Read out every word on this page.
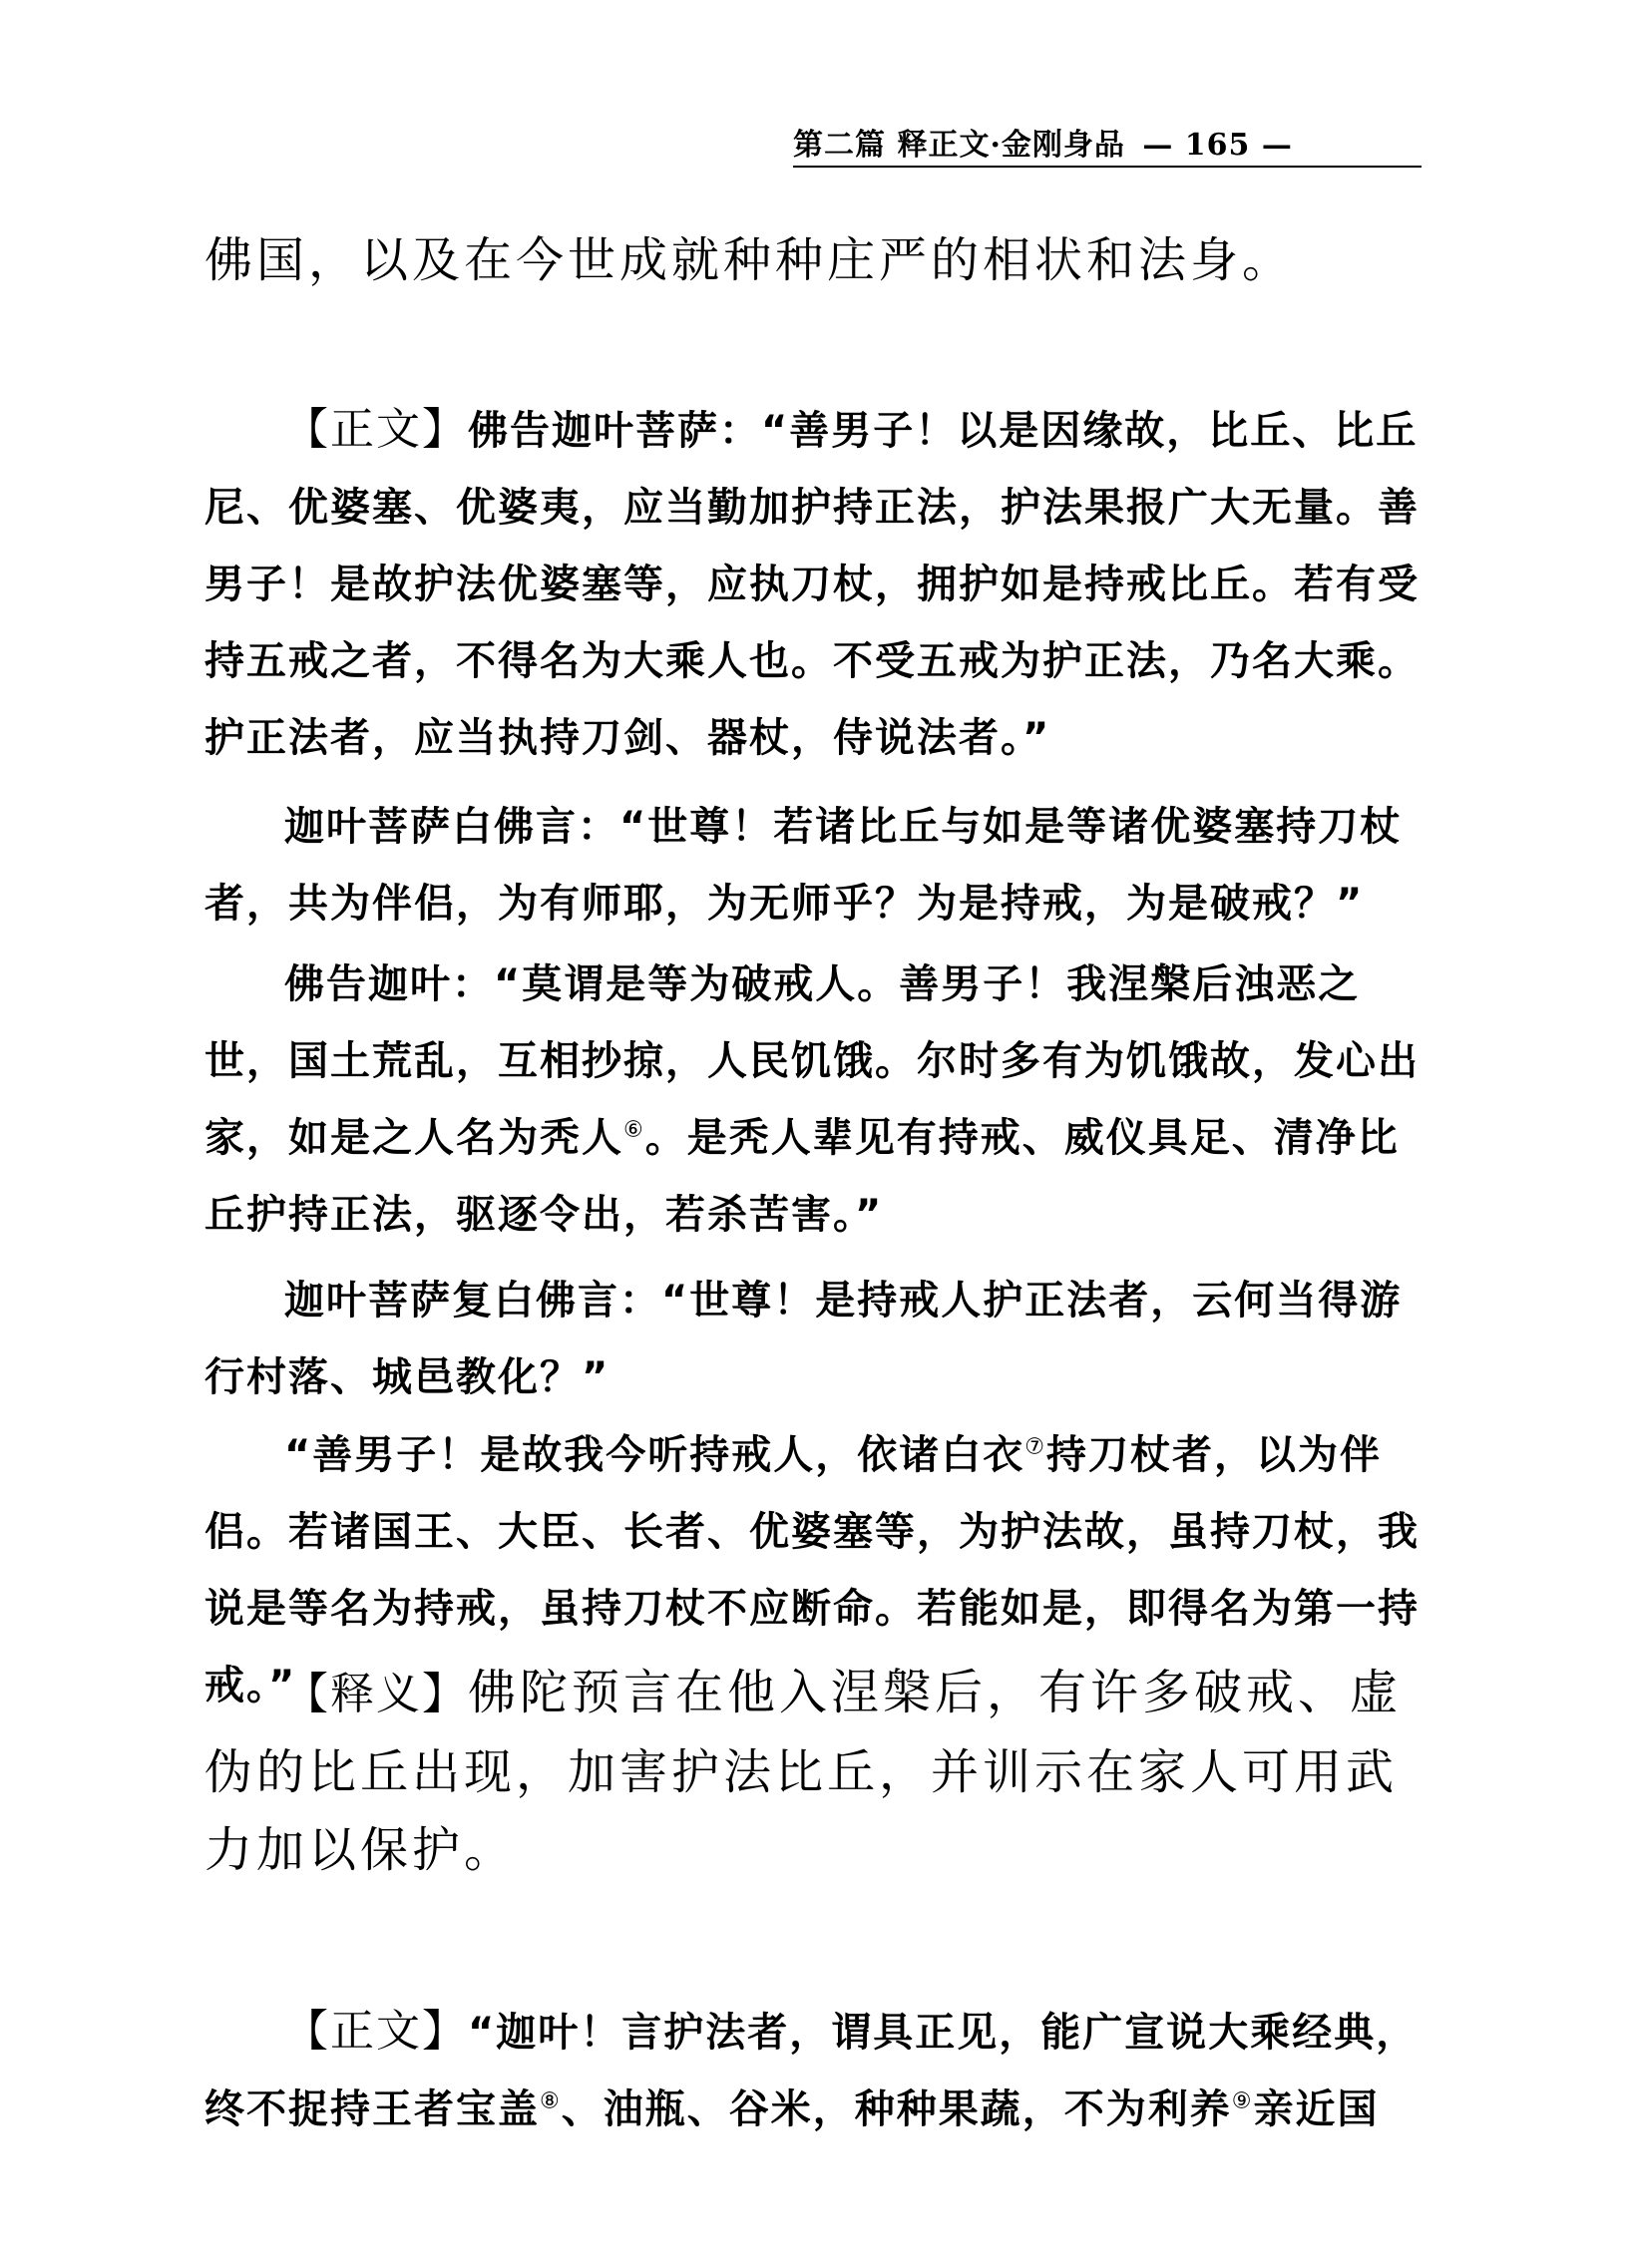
第二篇 释正文·金刚身品 — 165 —

佛国，以及在今世成就种种庄严的相状和法身。

【正文】佛告迦叶菩萨：“善男子！以是因缘故，比丘、比丘尼、优婆塞、优婆夷，应当勤加护持正法，护法果报广大无量。善男子！是故护法优婆塞等，应执刀杖，拥护如是持戒比丘。若有受持五戒之者，不得名为大乘人也。不受五戒为护正法，乃名大乘。护正法者，应当执持刀剑、器杖，侍说法者。”

迦叶菩萨白佛言：“世尊！若诸比丘与如是等诸优婆塞持刀杖者，共为伴侣，为有师耶，为无师乎？为是持戒，为是破戒？”

佛告迦叶：“莫谓是等为破戒人。善男子！我涅槃后浊恶之世，国土荒乱，互相抄掠，人民饥饿。尔时多有为饥饿故，发心出家，如是之人名为秃人⑥。是秃人辈见有持戒、威仪具足、清净比丘护持正法，驱逐令出，若杀苦害。”

迦叶菩萨复白佛言：“世尊！是持戒人护正法者，云何当得游行村落、城邑教化？”

“善男子！是故我今听持戒人，依诸白衣⑦持刀杖者，以为伴侣。若诸国王、大臣、长者、优婆塞等，为护法故，虽持刀杖，我说是等名为持戒，虽持刀杖不应断命。若能如是，即得名为第一持戒。”

【释义】佛陀预言在他入涅槃后，有许多破戒、虚伪的比丘出现，加害护法比丘，并训示在家人可用武力加以保护。

【正文】“迦叶！言护法者，谓具正见，能广宣说大乘经典，终不捉持王者宝盖⑧、油瓶、谷米，种种果蔬，不为利养⑨亲近国
